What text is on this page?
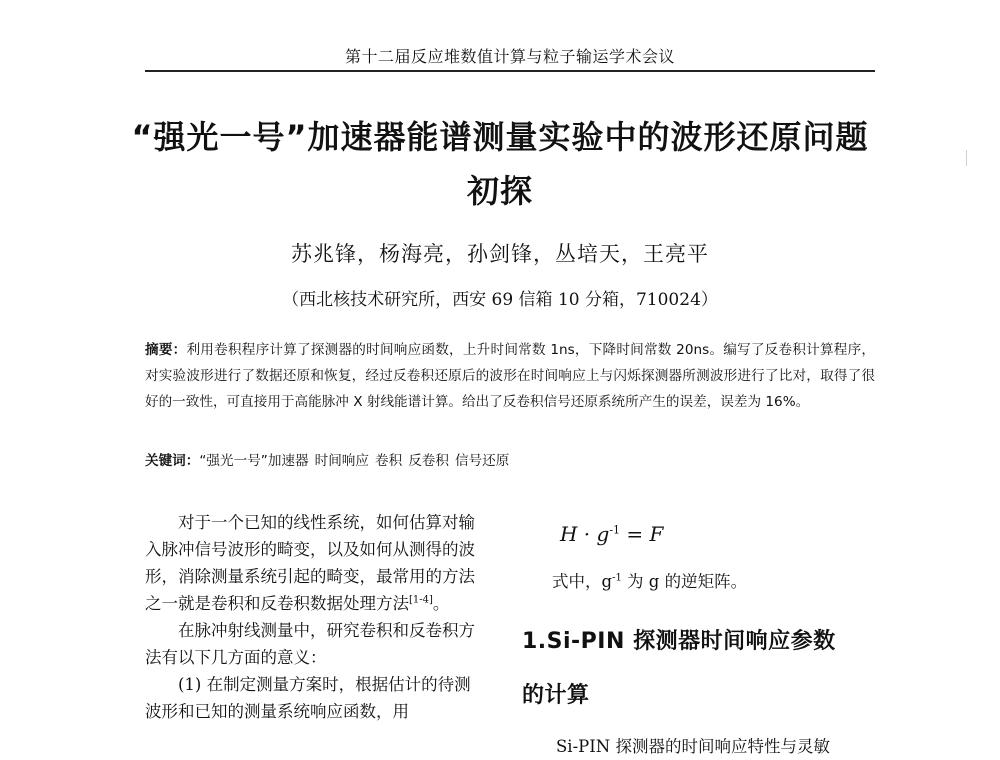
第十二届反应堆数值计算与粒子输运学术会议
“强光一号”加速器能谱测量实验中的波形还原问题
初探
苏兆锋，杨海亮，孙剑锋，丛培天，王亮平
（西北核技术研究所，西安 69 信箱 10 分箱，710024）
摘要：利用卷积程序计算了探测器的时间响应函数，上升时间常数 1ns，下降时间常数 20ns。编写了反卷积计算程序，对实验波形进行了数据还原和恢复，经过反卷积还原后的波形在时间响应上与闪烁探测器所测波形进行了比对，取得了很好的一致性，可直接用于高能脉冲 X 射线能谱计算。给出了反卷积信号还原系统所产生的误差，误差为 16%。
关键词：“强光一号”加速器 时间响应 卷积 反卷积 信号还原

对于一个已知的线性系统，如何估算对输入脉冲信号波形的畸变，以及如何从测得的波形，消除测量系统引起的畸变，最常用的方法之一就是卷积和反卷积数据处理方法[1-4]。

在脉冲射线测量中，研究卷积和反卷积方法有以下几方面的意义：

(1) 在制定测量方案时，根据估计的待测波形和已知的测量系统响应函数，用

$H \cdot g^{-1} = F$
式中，$g^{-1}$ 为 g 的逆矩阵。
1.Si-PIN 探测器时间响应参数
的计算
Si-PIN 探测器的时间响应特性与灵敏
